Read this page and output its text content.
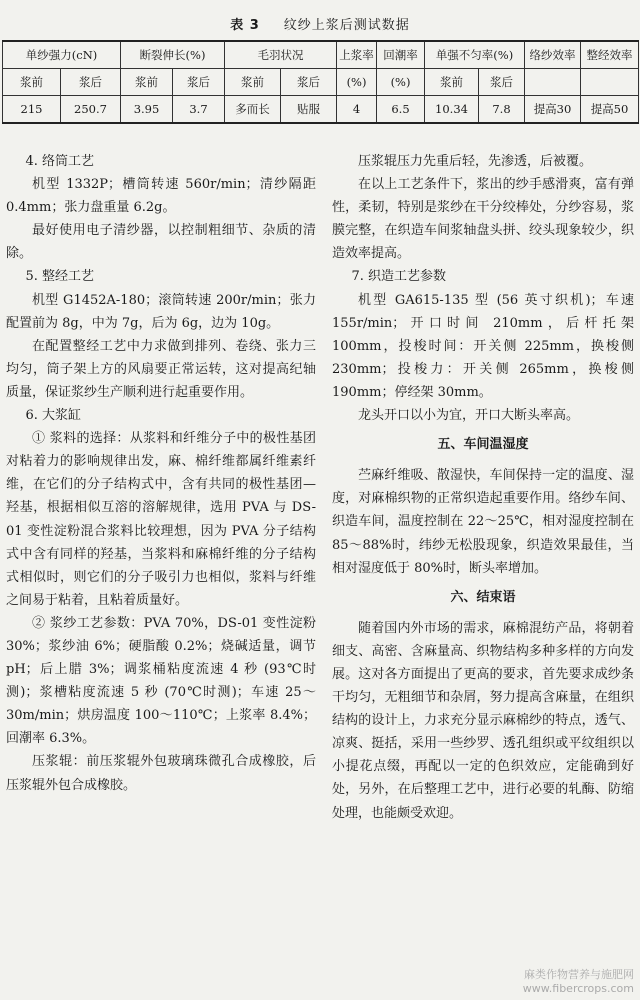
表 3 纹纱上浆后测试数据
单纱强力(cN)		断裂伸长(%)		毛羽状况		上浆率	回潮率	单强不匀率(%)		络纱效率	整经效率
浆前	浆后	浆前	浆后	浆前	浆后	(%)	(%)	浆前	浆后		
215	250.7	3.95	3.7	多而长	贴服	4	6.5	10.34	7.8	提高30	提高50

4. 络筒工艺

机型 1332P；槽筒转速 560r/min；清纱隔距 0.4mm；张力盘重量 6.2g。

最好使用电子清纱器，以控制粗细节、杂质的清除。

5. 整经工艺

机型 G1452A-180；滚筒转速 200r/min；张力配置前为 8g，中为 7g，后为 6g，边为 10g。

在配置整经工艺中力求做到排列、卷绕、张力三均匀，筒子架上方的风扇要正常运转，这对提高纪轴质量，保证浆纱生产顺利进行起重要作用。

6. 大浆缸

① 浆料的选择：从浆料和纤维分子中的极性基团对粘着力的影响规律出发，麻、棉纤维都属纤维素纤维，在它们的分子结构式中，含有共同的极性基团—羟基，根据相似互溶的溶解规律，选用 PVA 与 DS-01 变性淀粉混合浆料比较理想，因为 PVA 分子结构式中含有同样的羟基，当浆料和麻棉纤维的分子结构式相似时，则它们的分子吸引力也相似，浆料与纤维之间易于粘着，且粘着质量好。

② 浆纱工艺参数：PVA 70%，DS-01 变性淀粉 30%；浆纱油 6%；硬脂酸 0.2%；烧碱适量，调节 pH；后上腊 3%；调浆桶粘度流速 4 秒 (93℃时测)；浆槽粘度流速 5 秒 (70℃时测)；车速 25～30m/min；烘房温度 100～110℃；上浆率 8.4%；回潮率 6.3%。

压浆辊：前压浆辊外包玻璃珠微孔合成橡胶，后压浆辊外包合成橡胶。

压浆辊压力先重后轻，先渗透，后被覆。

在以上工艺条件下，浆出的纱手感滑爽，富有弹性，柔韧，特别是浆纱在干分绞棒处，分纱容易，浆膜完整，在织造车间浆轴盘头拼、绞头现象较少，织造效率提高。

7. 织造工艺参数

机型 GA615-135 型 (56 英寸织机)；车速 155r/min；开口时间 210mm，后杆托架 100mm，投梭时间：开关侧 225mm，换梭侧 230mm；投梭力：开关侧 265mm，换梭侧 190mm；停经架 30mm。

龙头开口以小为宜，开口大断头率高。

五、车间温湿度

苎麻纤维吸、散湿快，车间保持一定的温度、湿度，对麻棉织物的正常织造起重要作用。络纱车间、织造车间，温度控制在 22～25℃，相对湿度控制在 85～88%时，纬纱无松股现象，织造效果最佳，当相对湿度低于 80%时，断头率增加。

六、结束语

随着国内外市场的需求，麻棉混纺产品，将朝着细支、高密、含麻量高、织物结构多种多样的方向发展。这对各方面提出了更高的要求，首先要求成纱条干均匀，无粗细节和杂屑，努力提高含麻量，在组织结构的设计上，力求充分显示麻棉纱的特点，透气、凉爽、挺括，采用一些纱罗、透孔组织或平纹组织以小提花点缀，再配以一定的色织效应，定能确到好处，另外，在后整理工艺中，进行必要的轧酶、防缩处理，也能颇受欢迎。

麻类作物营养与施肥网
www.fibercrops.com
